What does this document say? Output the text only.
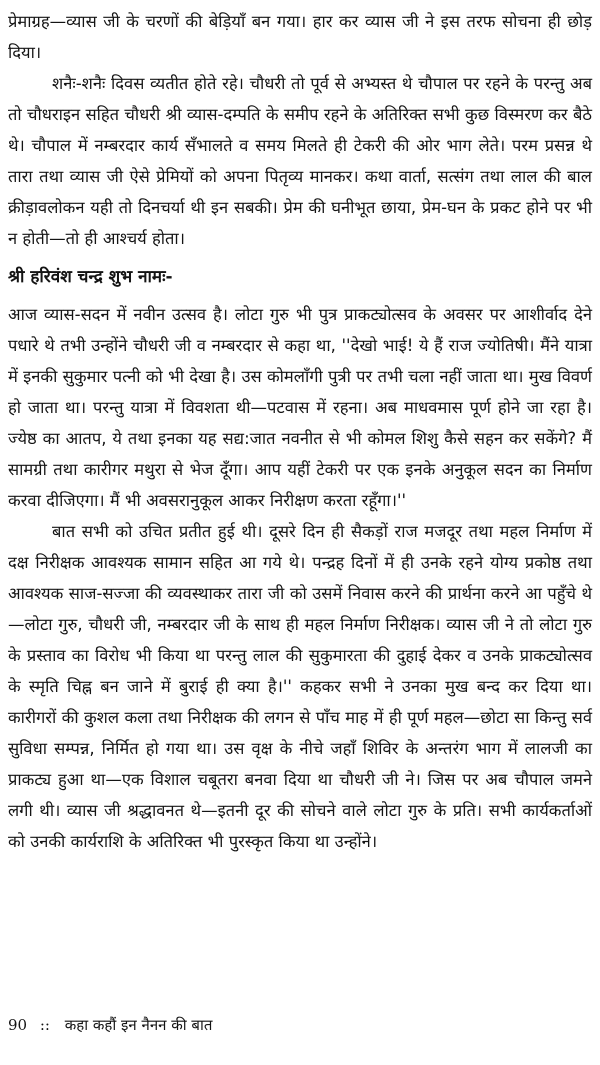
प्रेमाग्रह—व्यास जी के चरणों की बेड़ियाँ बन गया। हार कर व्यास जी ने इस तरफ सोचना ही छोड़ दिया।

शनैः-शनैः दिवस व्यतीत होते रहे। चौधरी तो पूर्व से अभ्यस्त थे चौपाल पर रहने के परन्तु अब तो चौधराइन सहित चौधरी श्री व्यास-दम्पति के समीप रहने के अतिरिक्त सभी कुछ विस्मरण कर बैठे थे। चौपाल में नम्बरदार कार्य सँभालते व समय मिलते ही टेकरी की ओर भाग लेते। परम प्रसन्न थे तारा तथा व्यास जी ऐसे प्रेमियों को अपना पितृव्य मानकर। कथा वार्ता, सत्संग तथा लाल की बाल क्रीड़ावलोकन यही तो दिनचर्या थी इन सबकी। प्रेम की घनीभूत छाया, प्रेम-घन के प्रकट होने पर भी न होती—तो ही आश्चर्य होता।

श्री हरिवंश चन्द्र शुभ नामः-

आज व्यास-सदन में नवीन उत्सव है। लोटा गुरु भी पुत्र प्राकट्योत्सव के अवसर पर आशीर्वाद देने पधारे थे तभी उन्होंने चौधरी जी व नम्बरदार से कहा था, ''देखो भाई! ये हैं राज ज्योतिषी। मैंने यात्रा में इनकी सुकुमार पत्नी को भी देखा है। उस कोमलाँगी पुत्री पर तभी चला नहीं जाता था। मुख विवर्ण हो जाता था। परन्तु यात्रा में विवशता थी—पटवास में रहना। अब माधवमास पूर्ण होने जा रहा है। ज्येष्ठ का आतप, ये तथा इनका यह सद्य:जात नवनीत से भी कोमल शिशु कैसे सहन कर सकेंगे? मैं सामग्री तथा कारीगर मथुरा से भेज दूँगा। आप यहीं टेकरी पर एक इनके अनुकूल सदन का निर्माण करवा दीजिएगा। मैं भी अवसरानुकूल आकर निरीक्षण करता रहूँगा।''

बात सभी को उचित प्रतीत हुई थी। दूसरे दिन ही सैकड़ों राज मजदूर तथा महल निर्माण में दक्ष निरीक्षक आवश्यक सामान सहित आ गये थे। पन्द्रह दिनों में ही उनके रहने योग्य प्रकोष्ठ तथा आवश्यक साज-सज्जा की व्यवस्थाकर तारा जी को उसमें निवास करने की प्रार्थना करने आ पहुँचे थे—लोटा गुरु, चौधरी जी, नम्बरदार जी के साथ ही महल निर्माण निरीक्षक। व्यास जी ने तो लोटा गुरु के प्रस्ताव का विरोध भी किया था परन्तु लाल की सुकुमारता की दुहाई देकर व उनके प्राकट्योत्सव के स्मृति चिह्न बन जाने में बुराई ही क्या है।'' कहकर सभी ने उनका मुख बन्द कर दिया था। कारीगरों की कुशल कला तथा निरीक्षक की लगन से पाँच माह में ही पूर्ण महल—छोटा सा किन्तु सर्व सुविधा सम्पन्न, निर्मित हो गया था। उस वृक्ष के नीचे जहाँ शिविर के अन्तरंग भाग में लालजी का प्राकट्य हुआ था—एक विशाल चबूतरा बनवा दिया था चौधरी जी ने। जिस पर अब चौपाल जमने लगी थी। व्यास जी श्रद्धावनत थे—इतनी दूर की सोचने वाले लोटा गुरु के प्रति। सभी कार्यकर्ताओं को उनकी कार्यराशि के अतिरिक्त भी पुरस्कृत किया था उन्होंने।

90 :: कहा कहौं इन नैनन की बात
